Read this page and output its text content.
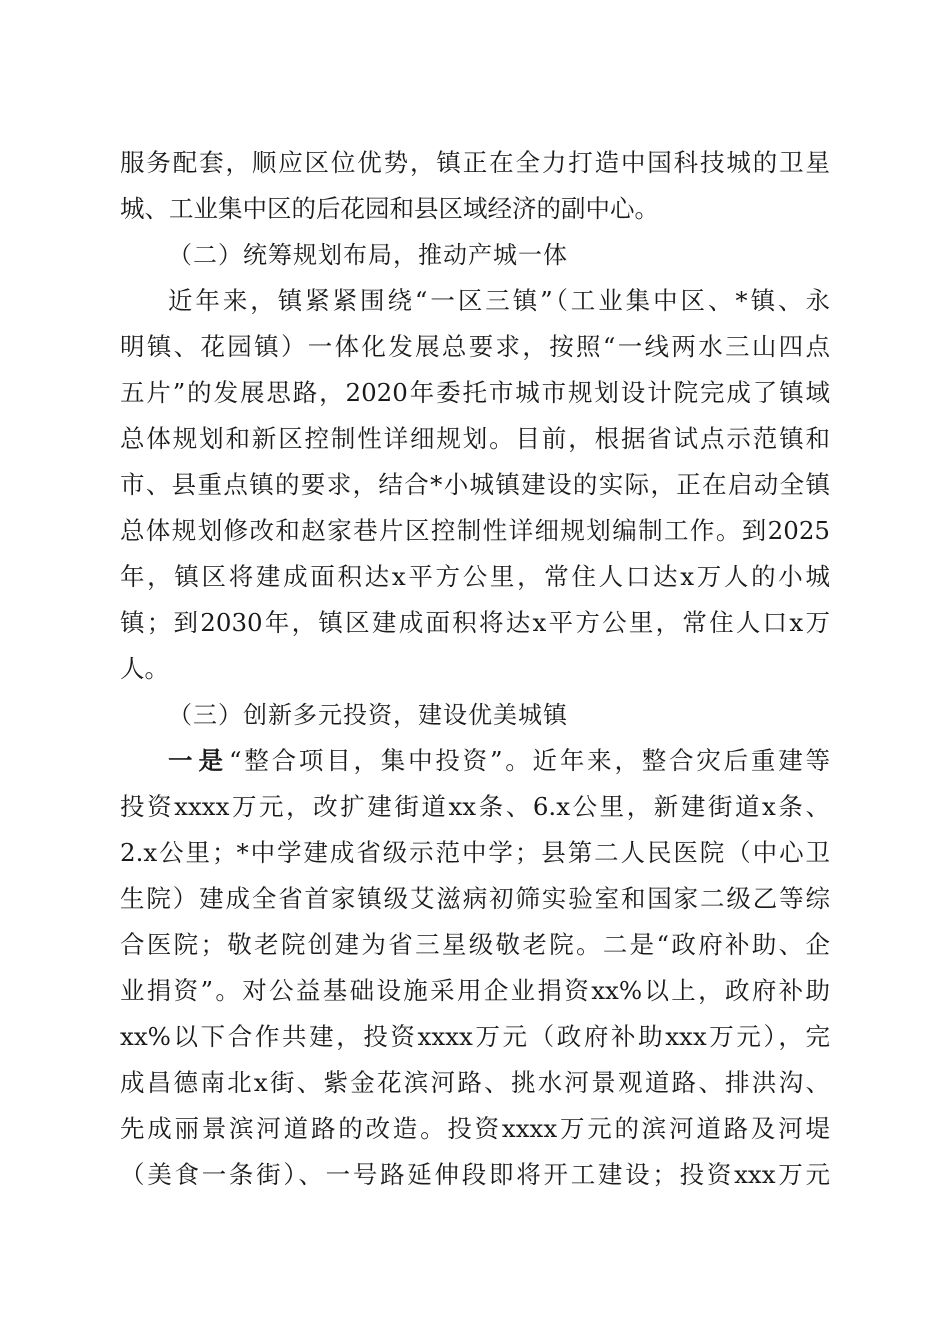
服务配套，顺应区位优势，镇正在全力打造中国科技城的卫星
城、工业集中区的后花园和县区域经济的副中心。
（二）统筹规划布局，推动产城一体
近年来，镇紧紧围绕“一区三镇”（工业集中区、*镇、永
明镇、花园镇）一体化发展总要求，按照“一线两水三山四点
五片”的发展思路，2020年委托市城市规划设计院完成了镇域
总体规划和新区控制性详细规划。目前，根据省试点示范镇和
市、县重点镇的要求，结合*小城镇建设的实际，正在启动全镇
总体规划修改和赵家巷片区控制性详细规划编制工作。到2025
年，镇区将建成面积达x平方公里，常住人口达x万人的小城
镇；到2030年，镇区建成面积将达x平方公里，常住人口x万
人。
（三）创新多元投资，建设优美城镇
一是 “整合项目，集中投资”。近年来，整合灾后重建等
投资xxxx万元，改扩建街道xx条、6.x公里，新建街道x条、
2.x公里；*中学建成省级示范中学；县第二人民医院（中心卫
生院）建成全省首家镇级艾滋病初筛实验室和国家二级乙等综
合医院；敬老院创建为省三星级敬老院。二是“政府补助、企
业捐资”。对公益基础设施采用企业捐资xx%以上，政府补助
xx%以下合作共建，投资xxxx万元（政府补助xxx万元），完
成昌德南北x街、紫金花滨河路、挑水河景观道路、排洪沟、
先成丽景滨河道路的改造。投资xxxx万元的滨河道路及河堤
（美食一条街）、一号路延伸段即将开工建设；投资xxx万元
